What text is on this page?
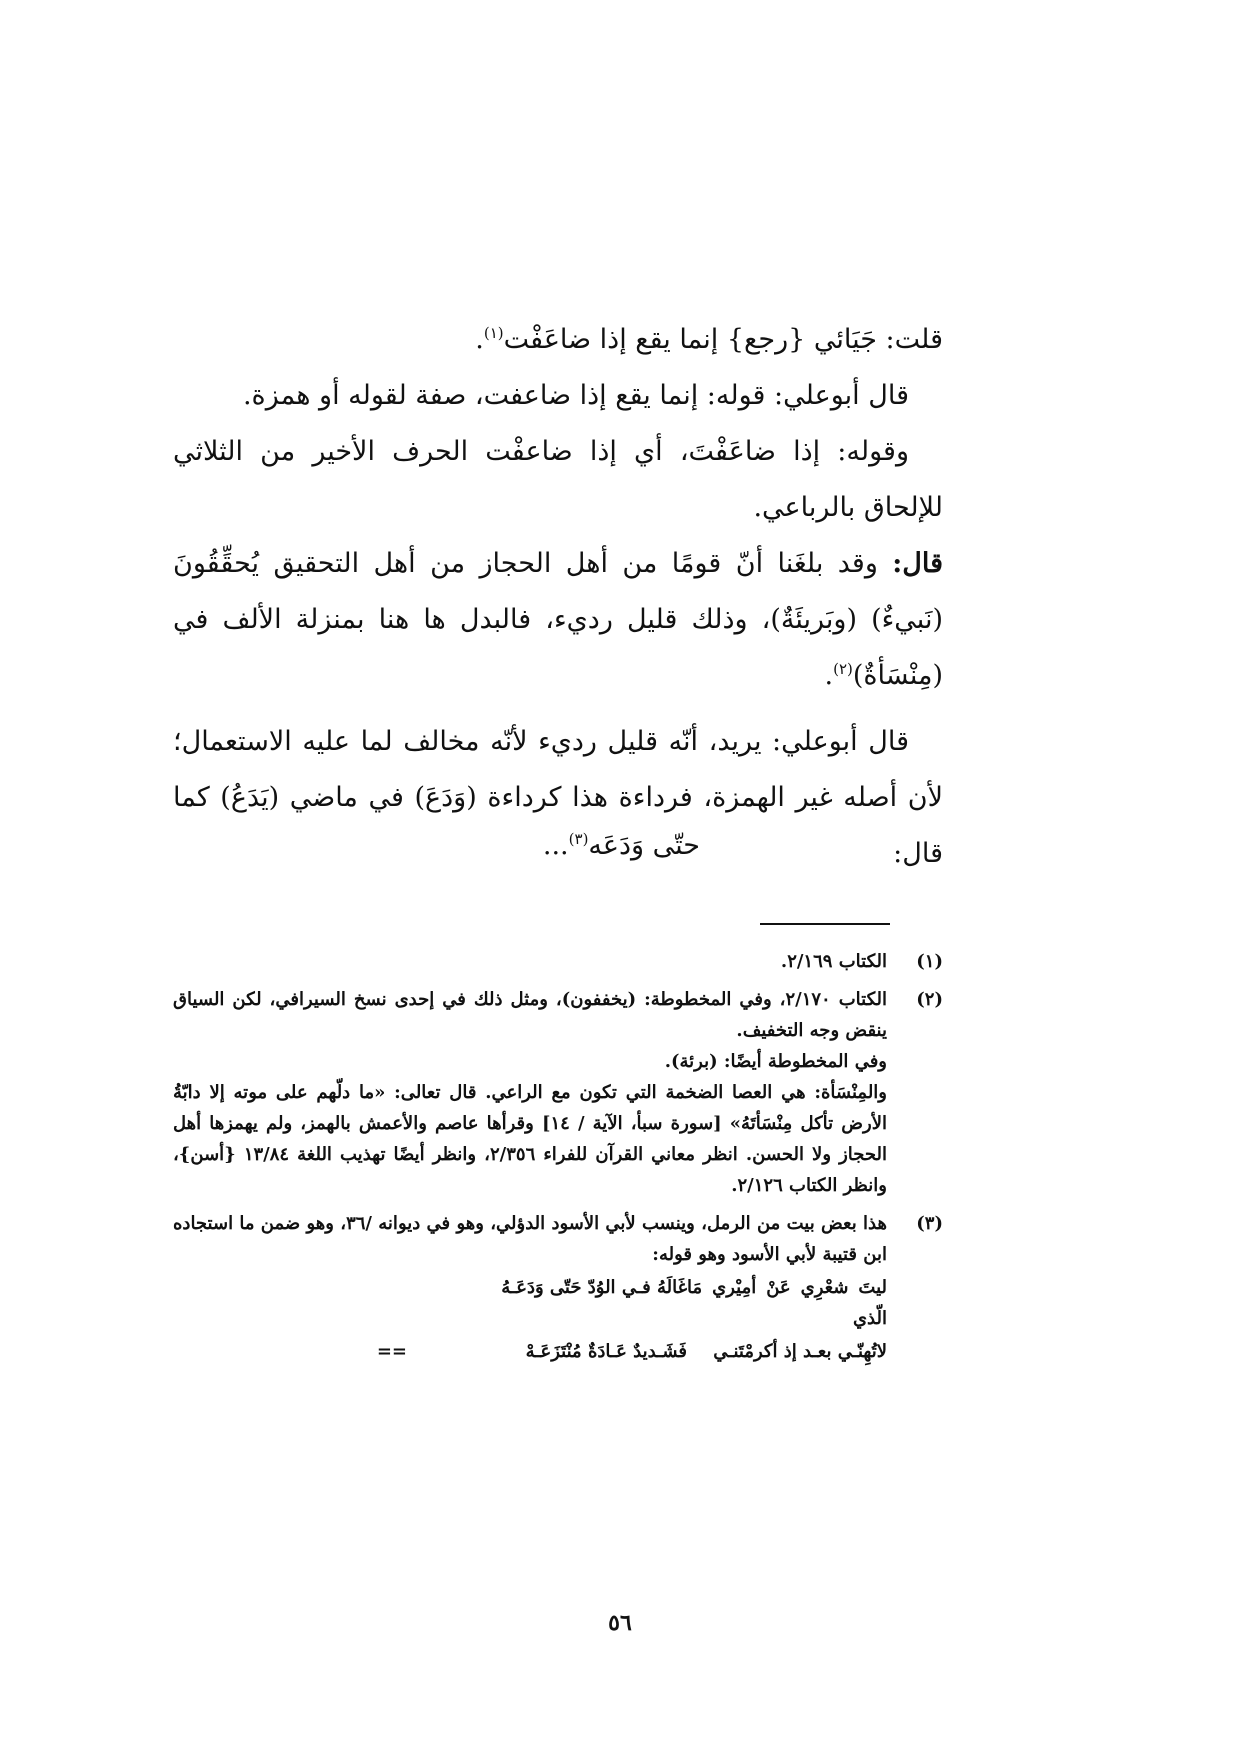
قلت: جَيَائي {رجع} إنما يقع إذا ضاعَفْت$^{(١)}$.

قال أبوعلي: قوله: إنما يقع إذا ضاعفت، صفة لقوله أو همزة.

وقوله: إذا ضاعَفْتَ، أي إذا ضاعفْت الحرف الأخير من الثلاثي للإلحاق بالرباعي.

قال: وقد بلغَنا أنّ قومًا من أهل الحجاز من أهل التحقيق يُحقِّقُونَ (نَبيءٌ) (وبَريئَةٌ)، وذلك قليل رديء، فالبدل ها هنا بمنزلة الألف في (مِنْسَأةٌ)$^{(٢)}$.

قال أبوعلي: يريد، أنّه قليل رديء لأنّه مخالف لما عليه الاستعمال؛ لأن أصله غير الهمزة، فرداءة هذا كرداءة (وَدَعَ) في ماضي (يَدَعُ) كما قال:

حتّى وَدَعَه$^{(٣)}$...
(١)

الكتاب ٢/١٦٩.

(٢)

الكتاب ٢/١٧٠، وفي المخطوطة: (يخففون)، ومثل ذلك في إحدى نسخ السيرافي، لكن السياق ينقض وجه التخفيف.

وفي المخطوطة أيضًا: (برئة).

والمِنْسَأة: هي العصا الضخمة التي تكون مع الراعي. قال تعالى: «ما دلّهم على موته إلا دابّةُ الأرض تأكل مِنْسَأتَهُ» [سورة سبأ، الآية / ١٤] وقرأها عاصم والأعمش بالهمز، ولم يهمزها أهل الحجاز ولا الحسن. انظر معاني القرآن للفراء ٢/٣٥٦، وانظر أيضًا تهذيب اللغة ١٣/٨٤ {أسن}، وانظر الكتاب ٢/١٢٦.

(٣)

هذا بعض بيت من الرمل، وينسب لأبي الأسود الدؤلي، وهو في ديوانه /٣٦، وهو ضمن ما استجاده ابن قتيبة لأبي الأسود وهو قوله:

ليتَ شعْرِي عَنْ أمِيْري مَا الّذي
غَالَهُ فـي الوُدّ حَتّى وَدَعَـهُ
لاتُهِنّـي بعـد إذ أكرمْتَنـي
فَشَـديدٌ عَـادَةٌ مُنْتَزَعَـهْ
==
٥٦
